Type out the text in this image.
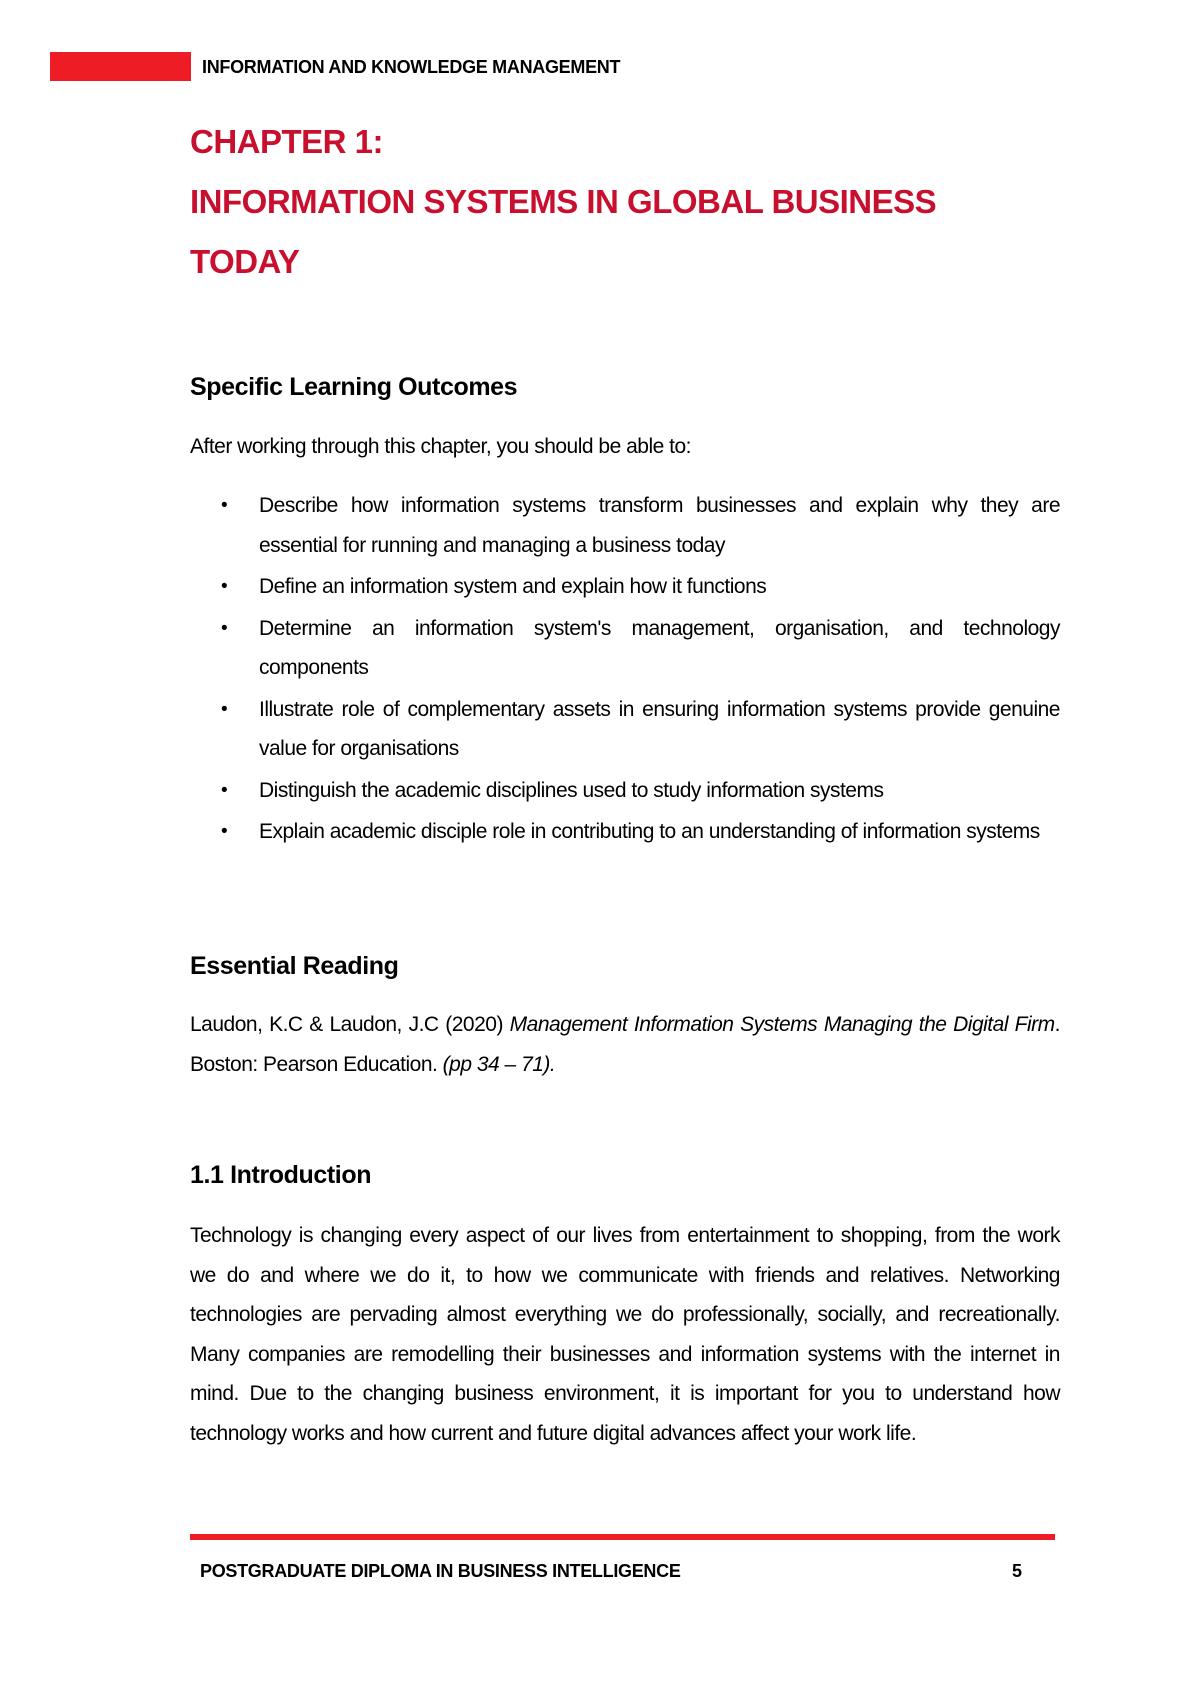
INFORMATION AND KNOWLEDGE MANAGEMENT
CHAPTER 1:
INFORMATION SYSTEMS IN GLOBAL BUSINESS
TODAY
Specific Learning Outcomes

After working through this chapter, you should be able to:

• Describe how information systems transform businesses and explain why they are essential for running and managing a business today
• Define an information system and explain how it functions
• Determine an information system's management, organisation, and technology components
• Illustrate role of complementary assets in ensuring information systems provide genuine value for organisations
• Distinguish the academic disciplines used to study information systems
• Explain academic disciple role in contributing to an understanding of information systems
Essential Reading

Laudon, K.C & Laudon, J.C (2020) Management Information Systems Managing the Digital Firm. Boston: Pearson Education. (pp 34 – 71).

1.1 Introduction

Technology is changing every aspect of our lives from entertainment to shopping, from the work we do and where we do it, to how we communicate with friends and relatives. Networking technologies are pervading almost everything we do professionally, socially, and recreationally. Many companies are remodelling their businesses and information systems with the internet in mind. Due to the changing business environment, it is important for you to understand how technology works and how current and future digital advances affect your work life.

POSTGRADUATE DIPLOMA IN BUSINESS INTELLIGENCE	5
